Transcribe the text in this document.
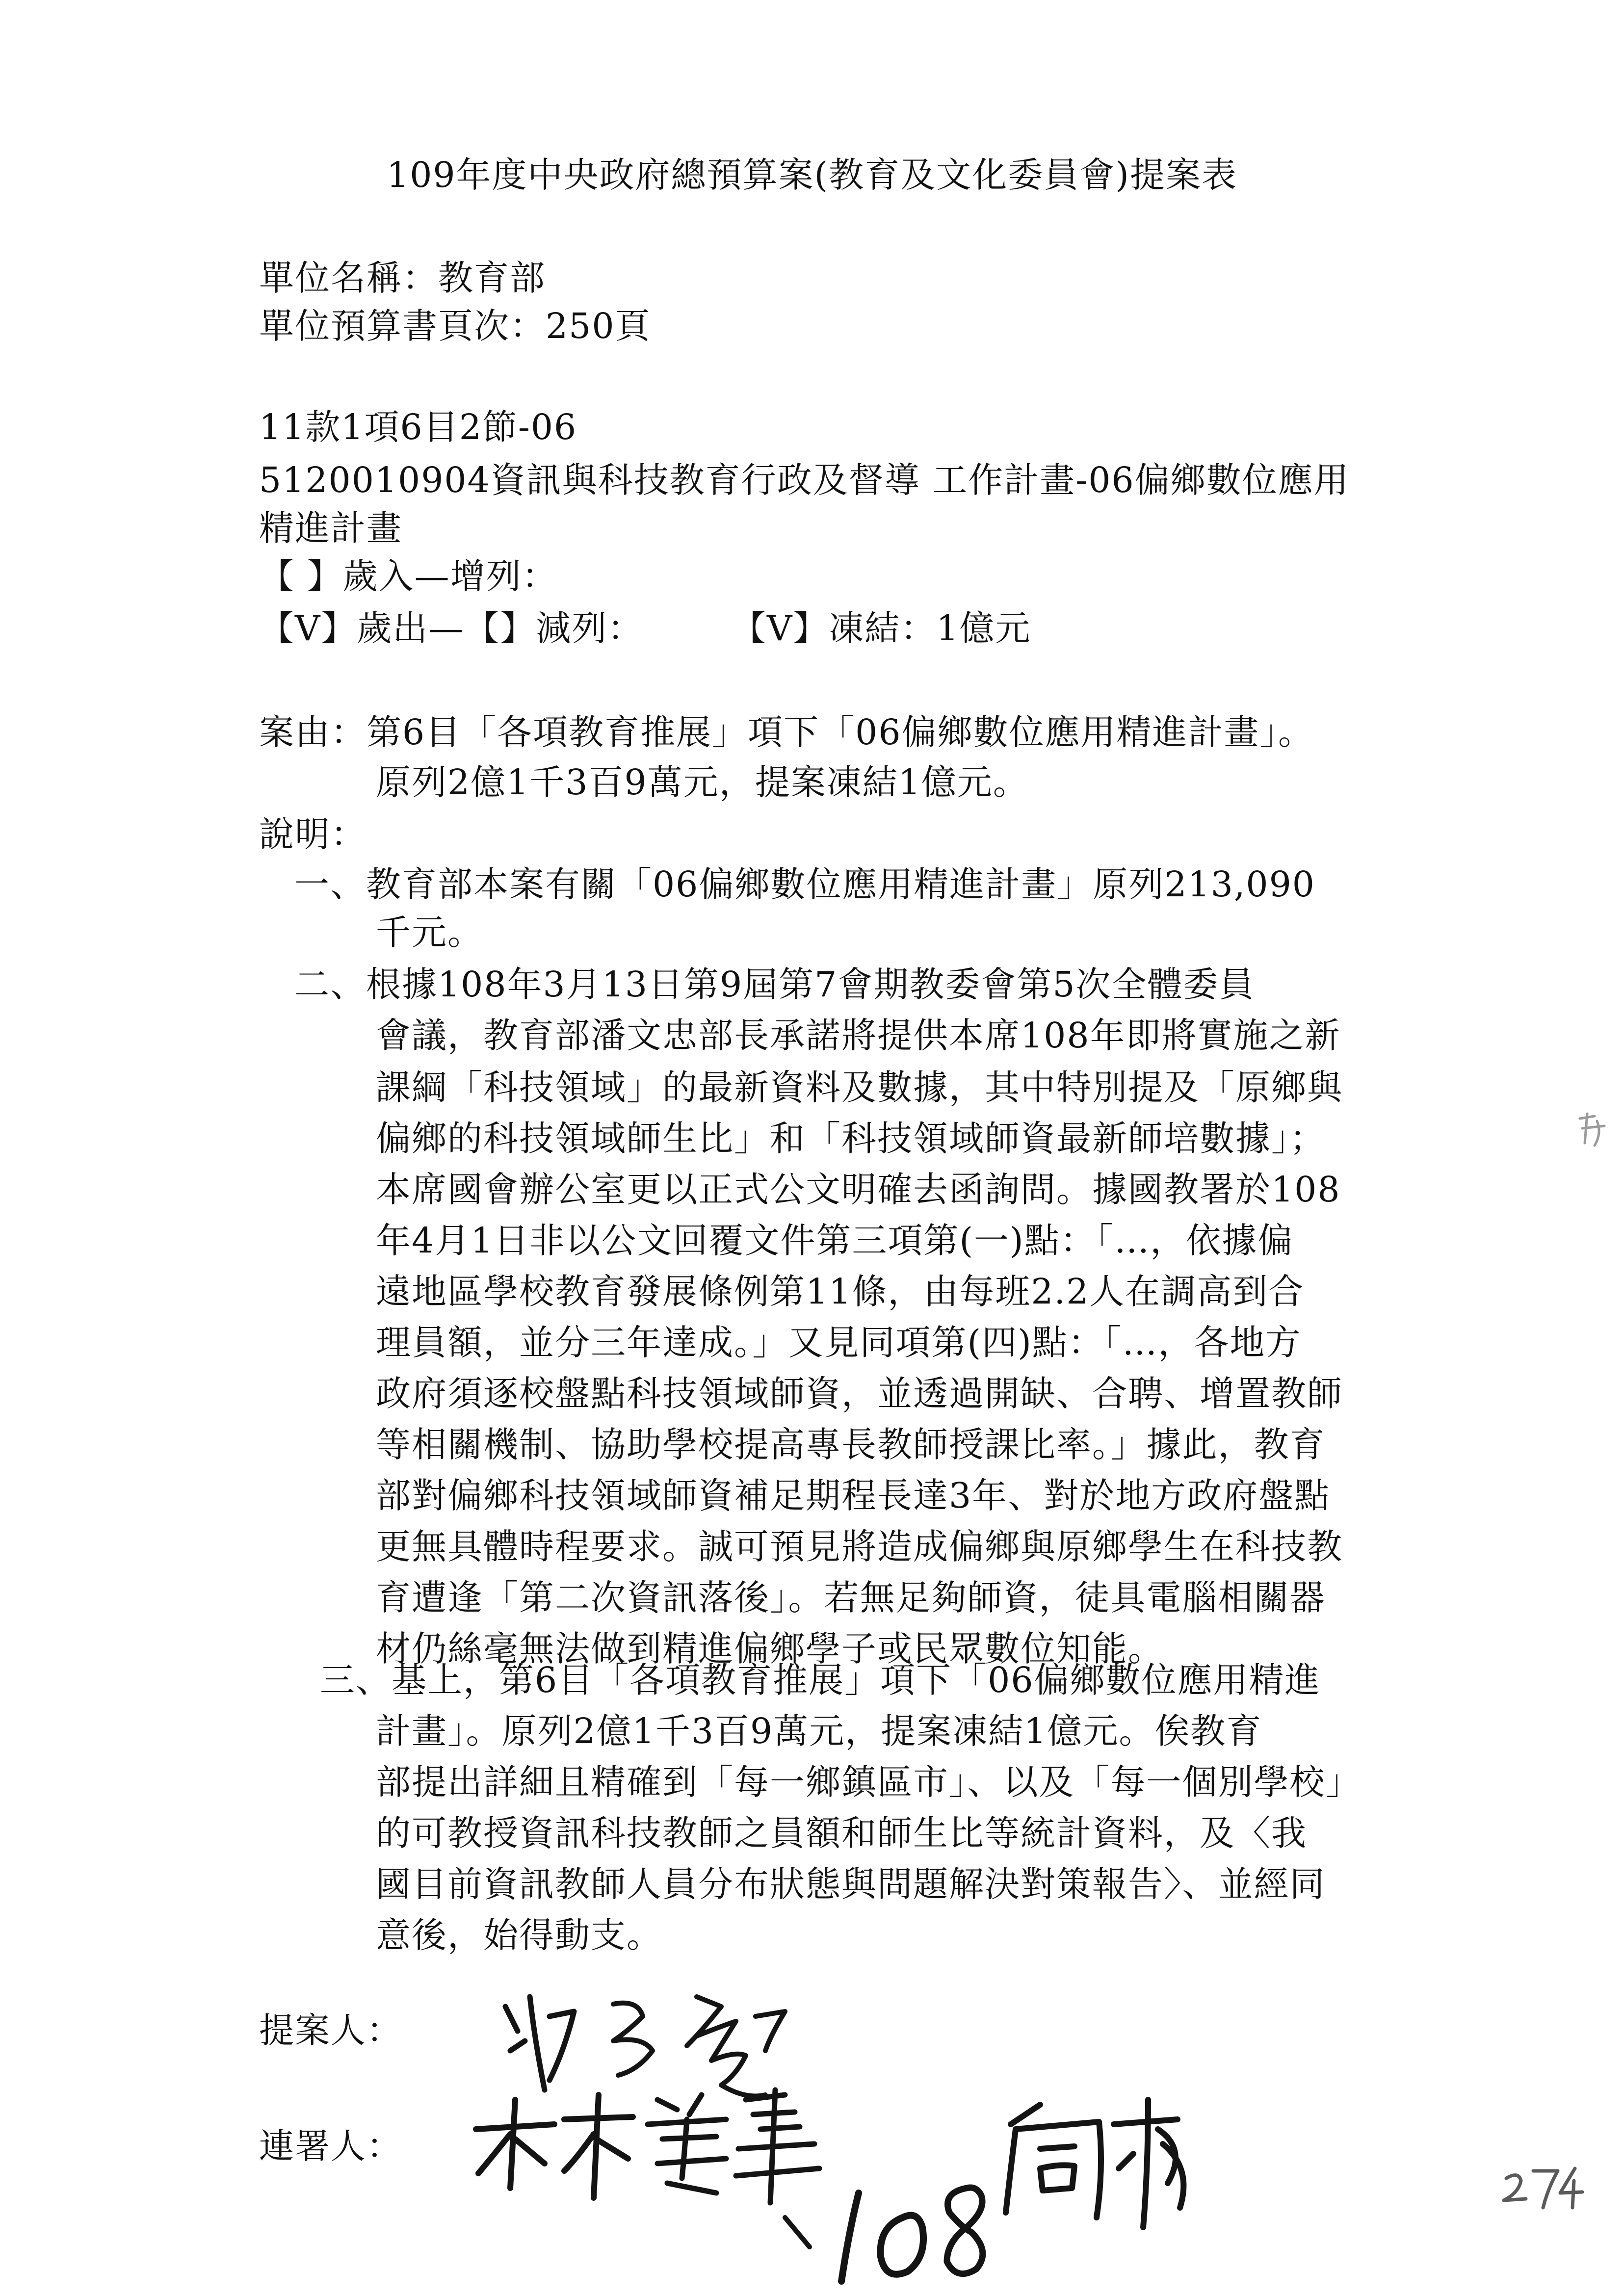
109年度中央政府總預算案(教育及文化委員會)提案表
單位名稱：教育部
單位預算書頁次：250頁
11款1項6目2節-06
5120010904資訊與科技教育行政及督導 工作計畫-06偏鄉數位應用
精進計畫
【 】歲入—增列：
【V】歲出—【】減列：	【V】凍結：1億元
案由：第6目「各項教育推展」項下「06偏鄉數位應用精進計畫」。
原列2億1千3百9萬元，提案凍結1億元。
說明：
一、教育部本案有關「06偏鄉數位應用精進計畫」原列213,090
千元。
二、根據108年3月13日第9屆第7會期教委會第5次全體委員
會議，教育部潘文忠部長承諾將提供本席108年即將實施之新
課綱「科技領域」的最新資料及數據，其中特別提及「原鄉與
偏鄉的科技領域師生比」和「科技領域師資最新師培數據」；
本席國會辦公室更以正式公文明確去函詢問。據國教署於108
年4月1日非以公文回覆文件第三項第(一)點：「…，依據偏
遠地區學校教育發展條例第11條，由每班2.2人在調高到合
理員額，並分三年達成。」又見同項第(四)點：「…，各地方
政府須逐校盤點科技領域師資，並透過開缺、合聘、增置教師
等相關機制、協助學校提高專長教師授課比率。」據此，教育
部對偏鄉科技領域師資補足期程長達3年、對於地方政府盤點
更無具體時程要求。誠可預見將造成偏鄉與原鄉學生在科技教
育遭逢「第二次資訊落後」。若無足夠師資，徒具電腦相關器
材仍絲毫無法做到精進偏鄉學子或民眾數位知能。
三、基上，第6目「各項教育推展」項下「06偏鄉數位應用精進
計畫」。原列2億1千3百9萬元，提案凍結1億元。俟教育
部提出詳細且精確到「每一鄉鎮區市」、以及「每一個別學校」
的可教授資訊科技教師之員額和師生比等統計資料，及〈我
國目前資訊教師人員分布狀態與問題解決對策報告〉、並經同
意後，始得動支。
提案人：
連署人：
